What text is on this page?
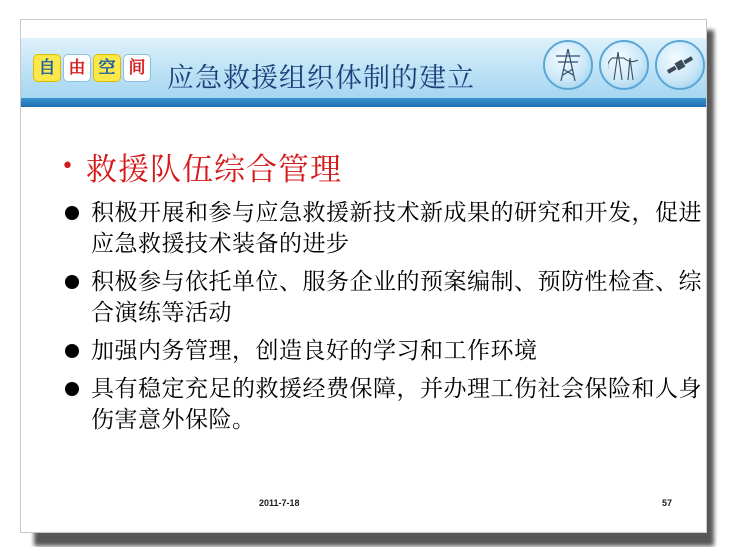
自 由 空 间 应急救援组织体制的建立
• 救援队伍综合管理
积极开展和参与应急救援新技术新成果的研究和开发，促进应急救援技术装备的进步
积极参与依托单位、服务企业的预案编制、预防性检查、综合演练等活动
加强内务管理，创造良好的学习和工作环境
具有稳定充足的救援经费保障，并办理工伤社会保险和人身伤害意外保险。
2011-7-18	57
